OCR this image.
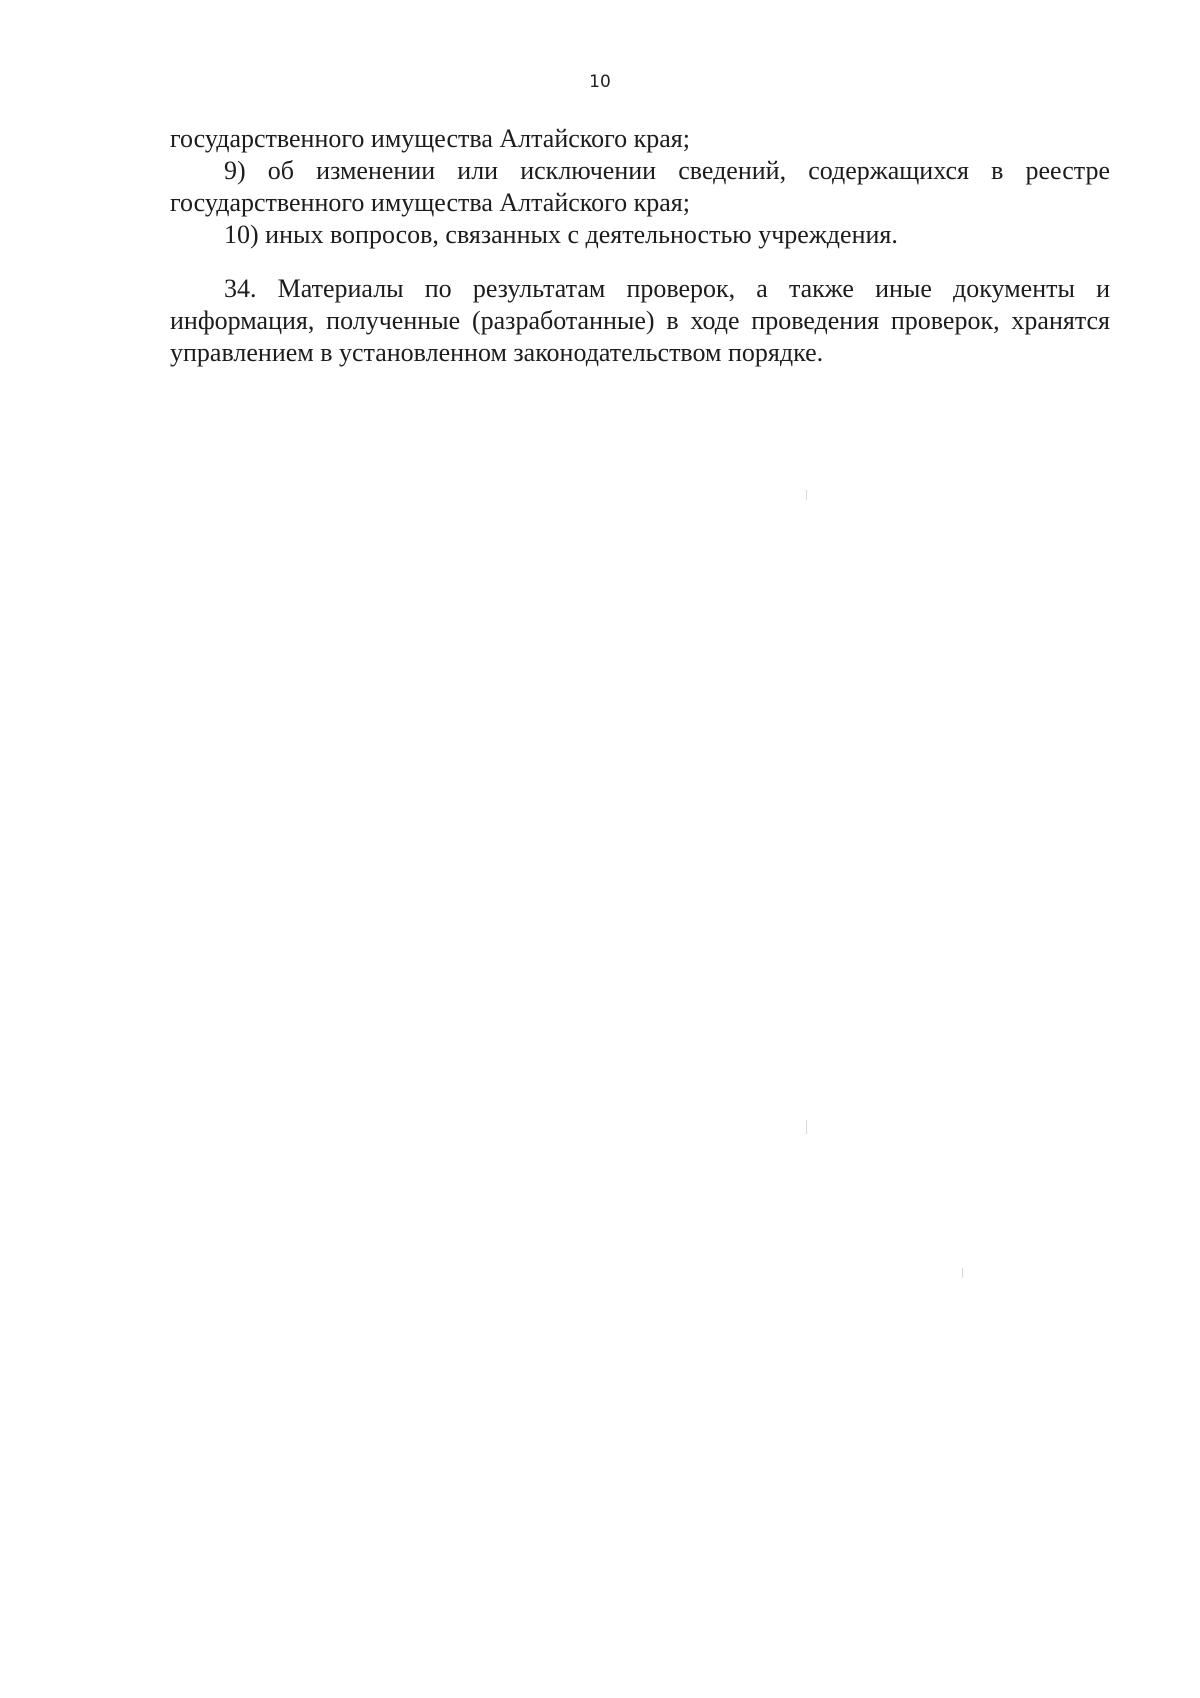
10

государственного имущества Алтайского края;

9) об изменении или исключении сведений, содержащихся в реестре государственного имущества Алтайского края;

10) иных вопросов, связанных с деятельностью учреждения.

34. Материалы по результатам проверок, а также иные документы и информация, полученные (разработанные) в ходе проведения проверок, хранятся управлением в установленном законодательством порядке.
